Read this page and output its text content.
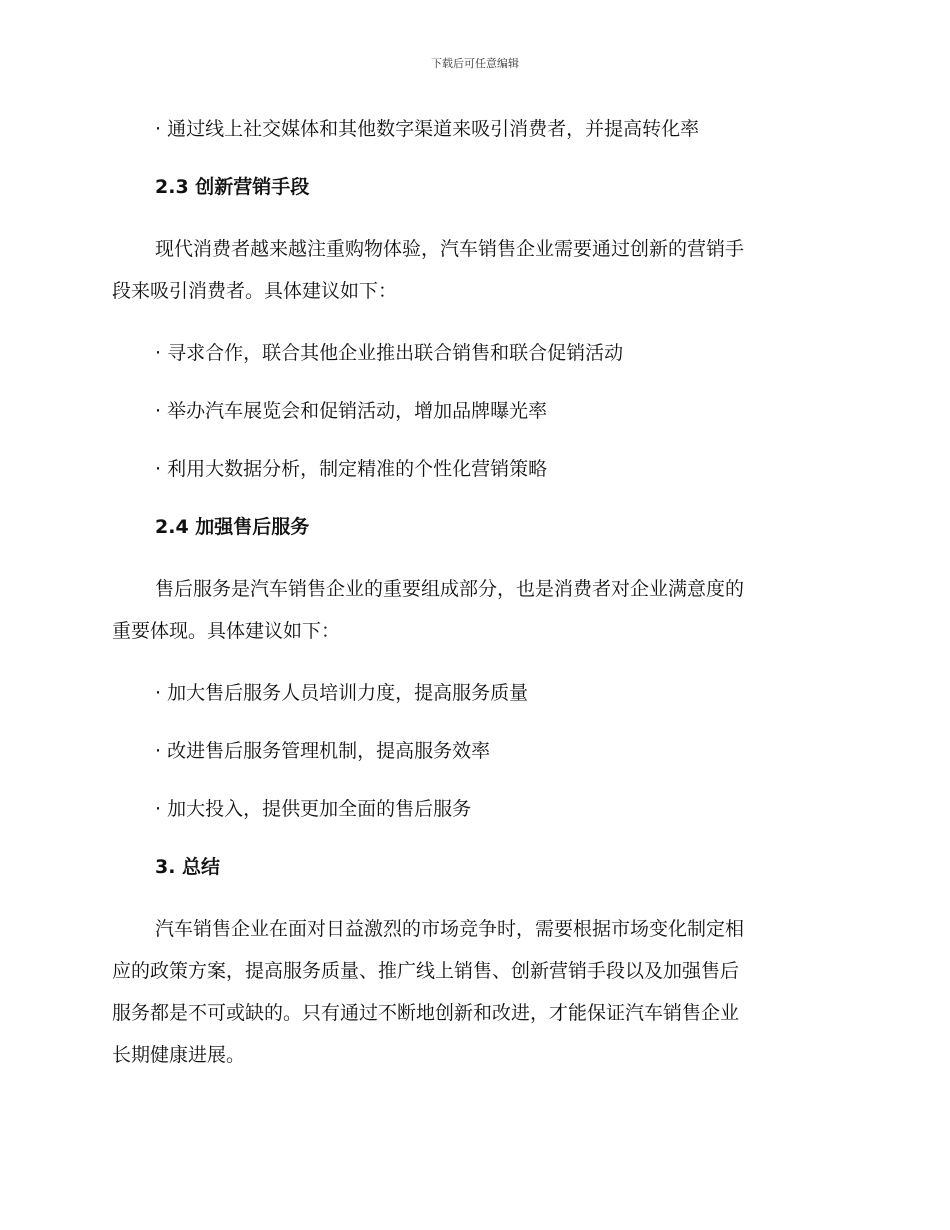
下载后可任意编辑
· 通过线上社交媒体和其他数字渠道来吸引消费者，并提高转化率
2.3 创新营销手段
现代消费者越来越注重购物体验，汽车销售企业需要通过创新的营销手
段来吸引消费者。具体建议如下：
· 寻求合作，联合其他企业推出联合销售和联合促销活动
· 举办汽车展览会和促销活动，增加品牌曝光率
· 利用大数据分析，制定精准的个性化营销策略
2.4 加强售后服务
售后服务是汽车销售企业的重要组成部分，也是消费者对企业满意度的
重要体现。具体建议如下：
· 加大售后服务人员培训力度，提高服务质量
· 改进售后服务管理机制，提高服务效率
· 加大投入，提供更加全面的售后服务
3. 总结
汽车销售企业在面对日益激烈的市场竞争时，需要根据市场变化制定相
应的政策方案，提高服务质量、推广线上销售、创新营销手段以及加强售后
服务都是不可或缺的。只有通过不断地创新和改进，才能保证汽车销售企业
长期健康进展。
